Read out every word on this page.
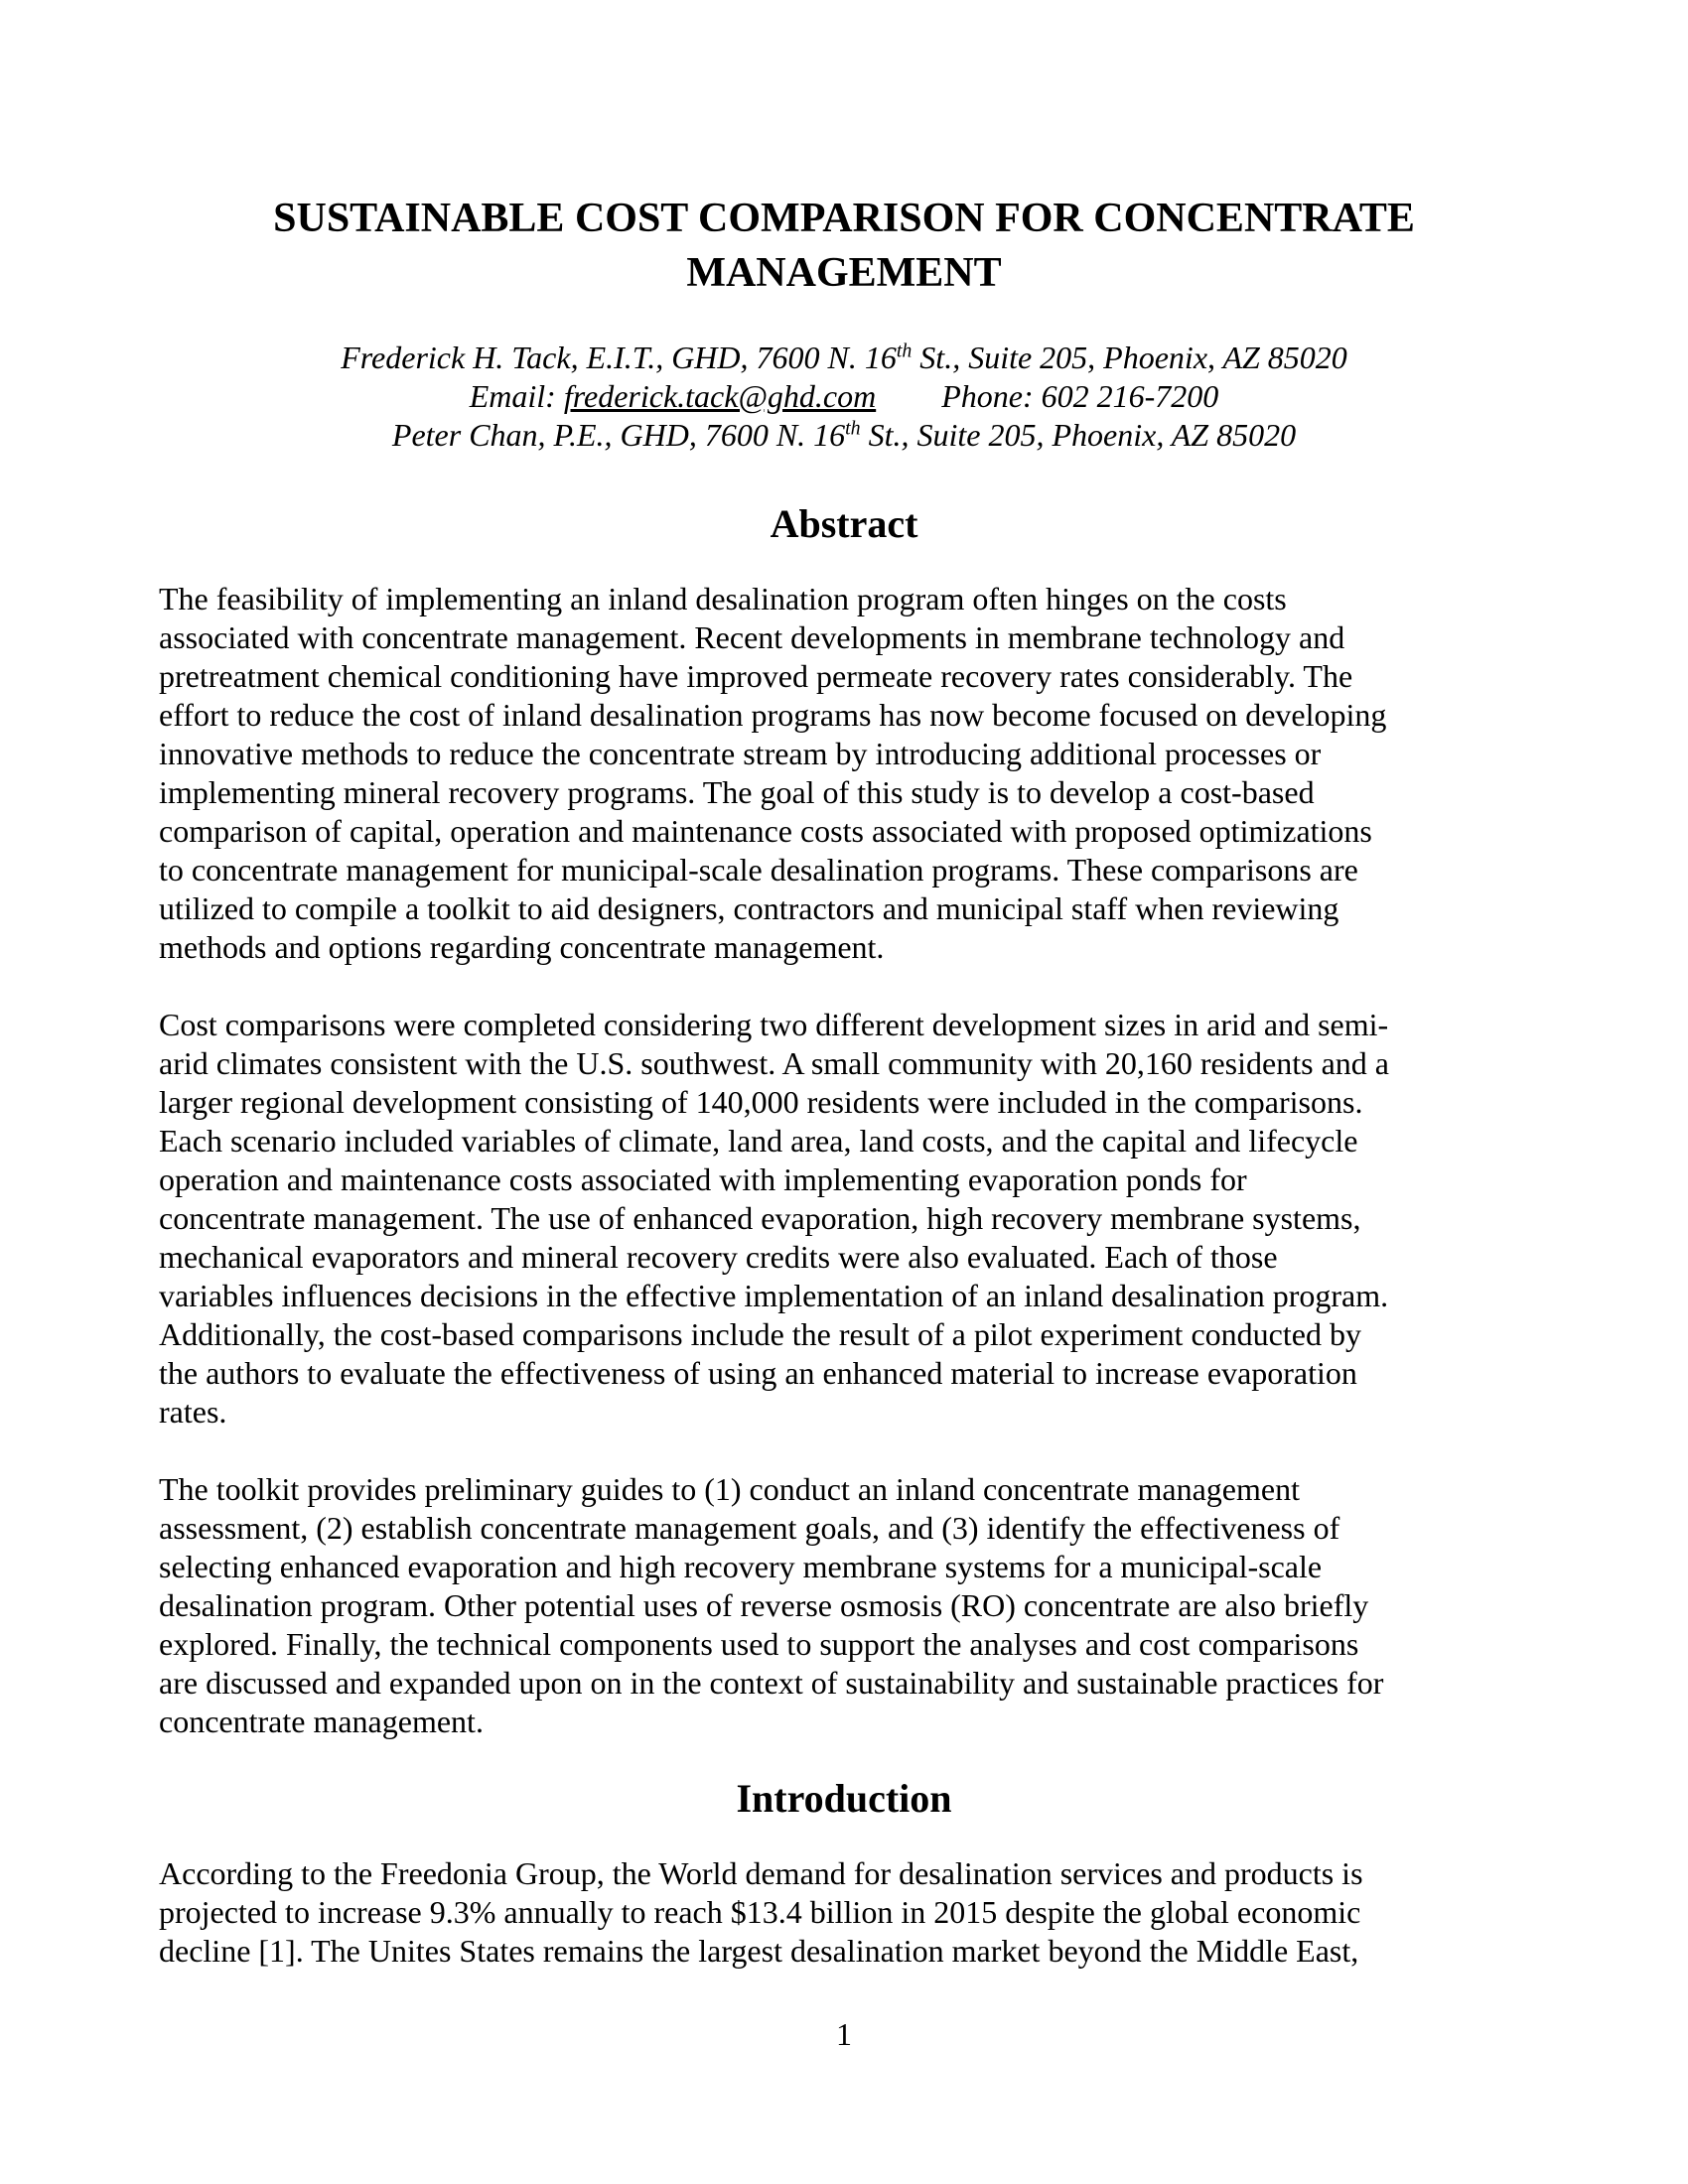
SUSTAINABLE COST COMPARISON FOR CONCENTRATE
MANAGEMENT
Frederick H. Tack, E.I.T., GHD, 7600 N. 16th St., Suite 205, Phoenix, AZ 85020
Email: frederick.tack@ghd.com Phone: 602 216-7200
Peter Chan, P.E., GHD, 7600 N. 16th St., Suite 205, Phoenix, AZ 85020
Abstract
The feasibility of implementing an inland desalination program often hinges on the costs
associated with concentrate management. Recent developments in membrane technology and
pretreatment chemical conditioning have improved permeate recovery rates considerably. The
effort to reduce the cost of inland desalination programs has now become focused on developing
innovative methods to reduce the concentrate stream by introducing additional processes or
implementing mineral recovery programs. The goal of this study is to develop a cost-based
comparison of capital, operation and maintenance costs associated with proposed optimizations
to concentrate management for municipal-scale desalination programs. These comparisons are
utilized to compile a toolkit to aid designers, contractors and municipal staff when reviewing
methods and options regarding concentrate management.
Cost comparisons were completed considering two different development sizes in arid and semi-
arid climates consistent with the U.S. southwest. A small community with 20,160 residents and a
larger regional development consisting of 140,000 residents were included in the comparisons.
Each scenario included variables of climate, land area, land costs, and the capital and lifecycle
operation and maintenance costs associated with implementing evaporation ponds for
concentrate management. The use of enhanced evaporation, high recovery membrane systems,
mechanical evaporators and mineral recovery credits were also evaluated. Each of those
variables influences decisions in the effective implementation of an inland desalination program.
Additionally, the cost-based comparisons include the result of a pilot experiment conducted by
the authors to evaluate the effectiveness of using an enhanced material to increase evaporation
rates.
The toolkit provides preliminary guides to (1) conduct an inland concentrate management
assessment, (2) establish concentrate management goals, and (3) identify the effectiveness of
selecting enhanced evaporation and high recovery membrane systems for a municipal-scale
desalination program. Other potential uses of reverse osmosis (RO) concentrate are also briefly
explored. Finally, the technical components used to support the analyses and cost comparisons
are discussed and expanded upon on in the context of sustainability and sustainable practices for
concentrate management.
Introduction
According to the Freedonia Group, the World demand for desalination services and products is
projected to increase 9.3% annually to reach $13.4 billion in 2015 despite the global economic
decline [1]. The Unites States remains the largest desalination market beyond the Middle East,
1
